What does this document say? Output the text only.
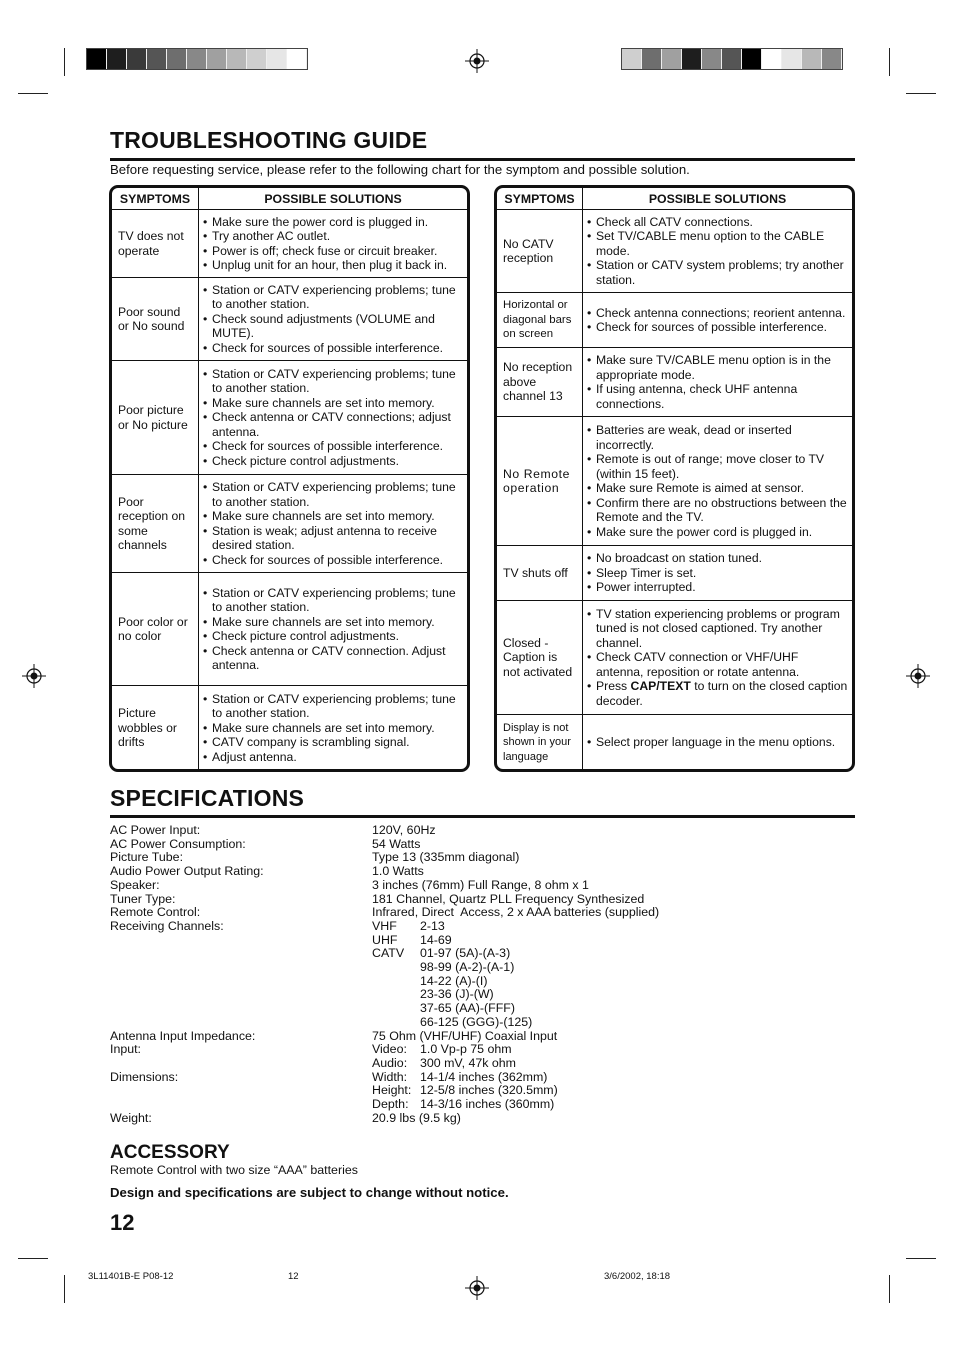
TROUBLESHOOTING GUIDE
Before requesting service, please refer to the following chart for the symptom and possible solution.
SYMPTOMS	POSSIBLE SOLUTIONS
TV does not operate
• Make sure the power cord is plugged in.
• Try another AC outlet.
• Power is off; check fuse or circuit breaker.
• Unplug unit for an hour, then plug it back in.
Poor sound or No sound
• Station or CATV experiencing problems; tune to another station.
• Check sound adjustments (VOLUME and MUTE).
• Check for sources of possible interference.
Poor picture or No picture
• Station or CATV experiencing problems; tune to another station.
• Make sure channels are set into memory.
• Check antenna or CATV connections; adjust antenna.
• Check for sources of possible interference.
• Check picture control adjustments.
Poor reception on some channels
• Station or CATV experiencing problems; tune to another station.
• Make sure channels are set into memory.
• Station is weak; adjust antenna to receive desired station.
• Check for sources of possible interference.
Poor color or no color
• Station or CATV experiencing problems; tune to another station.
• Make sure channels are set into memory.
• Check picture control adjustments.
• Check antenna or CATV connection. Adjust antenna.
Picture wobbles or drifts
• Station or CATV experiencing problems; tune to another station.
• Make sure channels are set into memory.
• CATV company is scrambling signal.
• Adjust antenna.
SYMPTOMS	POSSIBLE SOLUTIONS
No CATV reception
• Check all CATV connections.
• Set TV/CABLE menu option to the CABLE mode.
• Station or CATV system problems; try another station.
Horizontal or diagonal bars on screen
• Check antenna connections; reorient antenna.
• Check for sources of possible interference.
No reception above channel 13
• Make sure TV/CABLE menu option is in the appropriate mode.
• If using antenna, check UHF antenna connections.
No Remote operation
• Batteries are weak, dead or inserted incorrectly.
• Remote is out of range; move closer to TV (within 15 feet).
• Make sure Remote is aimed at sensor.
• Confirm there are no obstructions between the Remote and the TV.
• Make sure the power cord is plugged in.
TV shuts off
• No broadcast on station tuned.
• Sleep Timer is set.
• Power interrupted.
Closed - Caption is not activated
• TV station experiencing problems or program tuned is not closed captioned. Try another channel.
• Check CATV connection or VHF/UHF antenna, reposition or rotate antenna.
• Press CAP/TEXT to turn on the closed caption decoder.
Display is not shown in your language
• Select proper language in the menu options.
SPECIFICATIONS
AC Power Input:	120V, 60Hz
AC Power Consumption:	54 Watts
Picture Tube:	Type 13 (335mm diagonal)
Audio Power Output Rating:	1.0 Watts
Speaker:	3 inches (76mm) Full Range, 8 ohm x 1
Tuner Type:	181 Channel, Quartz PLL Frequency Synthesized
Remote Control:	Infrared, Direct  Access, 2 x AAA batteries (supplied)
Receiving Channels:	VHF	2-13
UHF	14-69
CATV	01-97 (5A)-(A-3)
98-99 (A-2)-(A-1)
14-22 (A)-(I)
23-36 (J)-(W)
37-65 (AA)-(FFF)
66-125 (GGG)-(125)
Antenna Input Impedance:	75 Ohm (VHF/UHF) Coaxial Input
Input:	Video:	1.0 Vp-p 75 ohm
Audio:	300 mV, 47k ohm
Dimensions:	Width:	14-1/4 inches (362mm)
Height: 12-5/8 inches (320.5mm)
Depth: 14-3/16 inches (360mm)
Weight:	20.9 lbs (9.5 kg)
ACCESSORY
Remote Control with two size “AAA” batteries
Design and specifications are subject to change without notice.
12
3L11401B-E P08-12	12	3/6/2002, 18:18
